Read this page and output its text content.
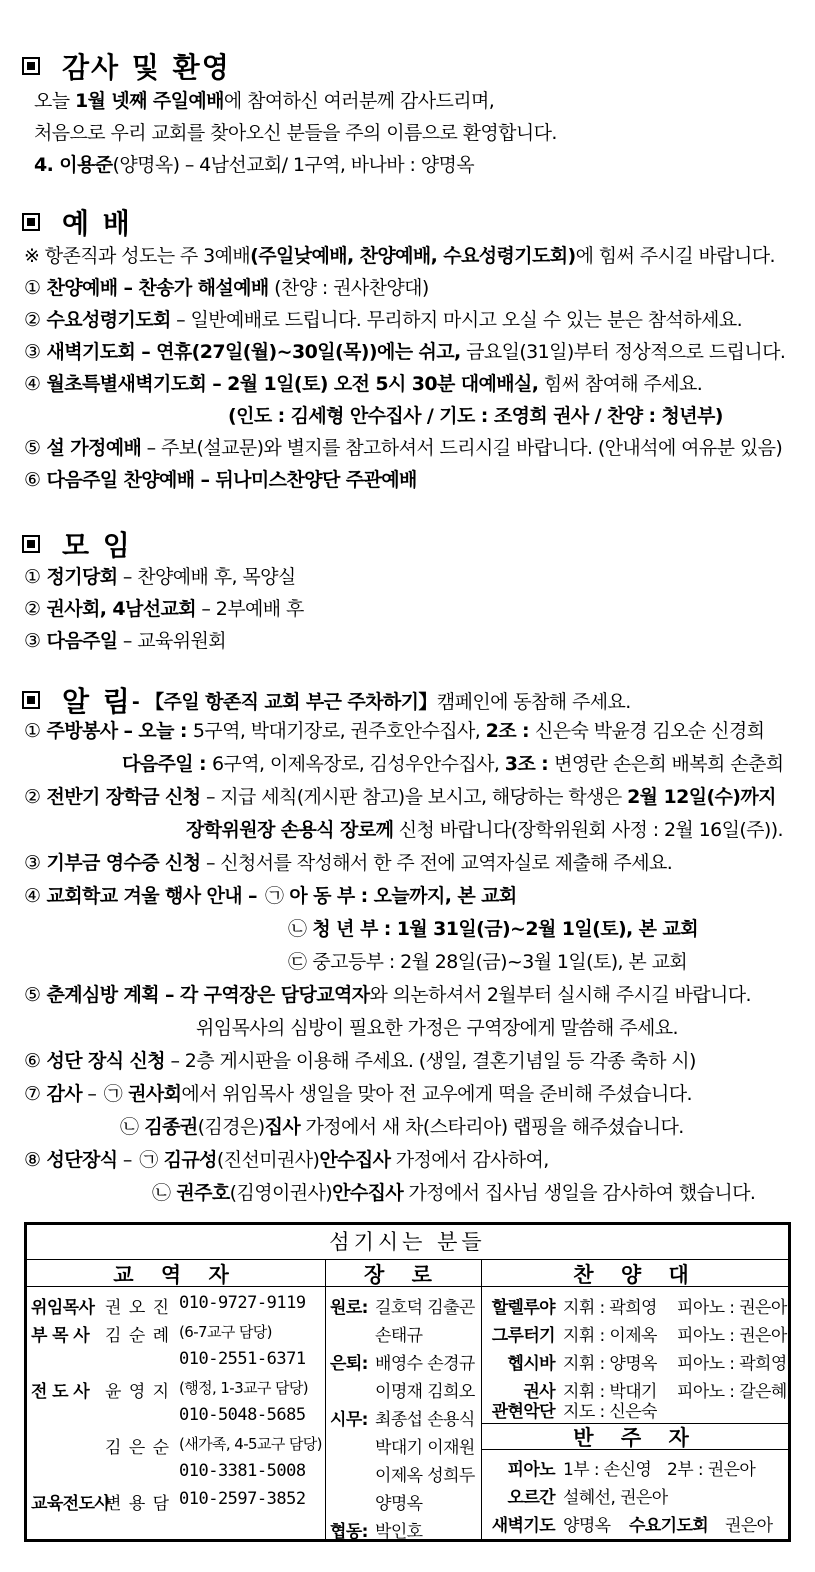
감사 및 환영
오늘 1월 넷째 주일예배에 참여하신 여러분께 감사드리며,
처음으로 우리 교회를 찾아오신 분들을 주의 이름으로 환영합니다.
4. 이용준(양명옥) – 4남선교회/ 1구역, 바나바 : 양명옥
예 배
※ 항존직과 성도는 주 3예배(주일낮예배, 찬양예배, 수요성령기도회)에 힘써 주시길 바랍니다.
① 찬양예배 – 찬송가 해설예배 (찬양 : 권사찬양대)
② 수요성령기도회 – 일반예배로 드립니다. 무리하지 마시고 오실 수 있는 분은 참석하세요.
③ 새벽기도회 – 연휴(27일(월)~30일(목))에는 쉬고, 금요일(31일)부터 정상적으로 드립니다.
④ 월초특별새벽기도회 – 2월 1일(토) 오전 5시 30분 대예배실, 힘써 참여해 주세요.
(인도 : 김세형 안수집사 / 기도 : 조영희 권사 / 찬양 : 청년부)
⑤ 설 가정예배 – 주보(설교문)와 별지를 참고하셔서 드리시길 바랍니다. (안내석에 여유분 있음)
⑥ 다음주일 찬양예배 – 뒤나미스찬양단 주관예배
모 임
① 정기당회 – 찬양예배 후, 목양실
② 권사회, 4남선교회 – 2부예배 후
③ 다음주일 – 교육위원회
알 림 - 【주일 항존직 교회 부근 주차하기】 캠페인에 동참해 주세요.
① 주방봉사 – 오늘 : 5구역, 박대기장로, 권주호안수집사, 2조 : 신은숙 박윤경 김오순 신경희
다음주일 : 6구역, 이제옥장로, 김성우안수집사, 3조 : 변영란 손은희 배복희 손춘희
② 전반기 장학금 신청 – 지급 세칙(게시판 참고)을 보시고, 해당하는 학생은 2월 12일(수)까지
장학위원장 손용식 장로께 신청 바랍니다(장학위원회 사정 : 2월 16일(주)).
③ 기부금 영수증 신청 – 신청서를 작성해서 한 주 전에 교역자실로 제출해 주세요.
④ 교회학교 겨울 행사 안내 – ㉠ 아 동 부 : 오늘까지, 본 교회
㉡ 청 년 부 : 1월 31일(금)~2월 1일(토), 본 교회
㉢ 중고등부 : 2월 28일(금)~3월 1일(토), 본 교회
⑤ 춘계심방 계획 – 각 구역장은 담당교역자와 의논하셔서 2월부터 실시해 주시길 바랍니다.
위임목사의 심방이 필요한 가정은 구역장에게 말씀해 주세요.
⑥ 성단 장식 신청 – 2층 게시판을 이용해 주세요. (생일, 결혼기념일 등 각종 축하 시)
⑦ 감사 – ㉠ 권사회에서 위임목사 생일을 맞아 전 교우에게 떡을 준비해 주셨습니다.
㉡ 김종권(김경은)집사 가정에서 새 차(스타리아) 랩핑을 해주셨습니다.
⑧ 성단장식 – ㉠ 김규성(진선미권사)안수집사 가정에서 감사하여,
㉡ 권주호(김영이권사)안수집사 가정에서 집사님 생일을 감사하여 했습니다.
섬기시는 분들
교 역 자	장 로	찬 양 대
반 주 자
위임목사 권 오 진 010-9727-9119
부 목 사 김 순 례 (6-7교구 담당)
010-2551-6371
전 도 사 윤 영 지 (행정, 1-3교구 담당)
010-5048-5685
김 은 순 (새가족, 4-5교구 담당)
010-3381-5008
교육전도사
변 용 담 010-2597-3852
원로: 길호덕 김출곤
손태규
은퇴: 배영수 손경규
이명재 김희오
시무: 최종섭 손용식
박대기 이재원
이제옥 성희두
양명옥
협동: 박인호
할렐루야 지휘 : 곽희영 피아노 : 권은아
그루터기 지휘 : 이제옥 피아노 : 권은아
헵시바 지휘 : 양명옥 피아노 : 곽희영
권사 지휘 : 박대기 피아노 : 갈은혜
관현악단 지도 : 신은숙
피아노 1부 : 손신영 2부 : 권은아
오르간 설혜선, 권은아
새벽기도 양명옥 수요기도회 권은아
